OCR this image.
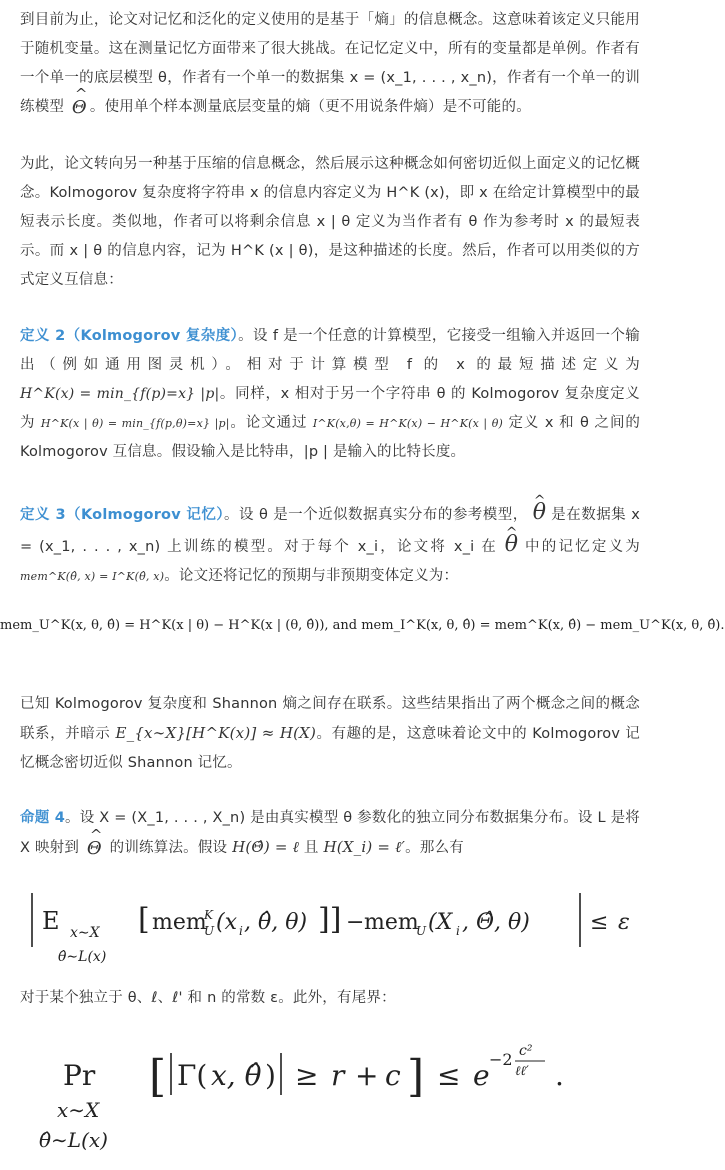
到目前为止，论文对记忆和泛化的定义使用的是基于「熵」的信息概念。这意味着该定义只能用于随机变量。这在测量记忆方面带来了很大挑战。在记忆定义中，所有的变量都是单例。作者有一个单一的底层模型 θ，作者有一个单一的数据集 x = (x_1, . . . , x_n)，作者有一个单一的训练模型 ^ Θ 。使用单个样本测量底层变量的熵（更不用说条件熵）是不可能的。
为此，论文转向另一种基于压缩的信息概念，然后展示这种概念如何密切近似上面定义的记忆概念。Kolmogorov 复杂度将字符串 x 的信息内容定义为 H^K (x)，即 x 在给定计算模型中的最短表示长度。类似地，作者可以将剩余信息 x | θ 定义为当作者有 θ 作为参考时 x 的最短表示。而 x | θ 的信息内容，记为 H^K (x | θ)，是这种描述的长度。然后，作者可以用类似的方式定义互信息：
定义 2（Kolmogorov 复杂度）。设 f 是一个任意的计算模型，它接受一组输入并返回一个输出（例如通用图灵机）。相对于计算模型 f 的 x 的最短描述定义为 H^K(x) = min_{f(p)=x} |p|。同样，x 相对于另一个字符串 θ 的 Kolmogorov 复杂度定义为 H^K(x | θ) = min_{f(p,θ)=x} |p|。论文通过 I^K(x,θ) = H^K(x) − H^K(x | θ) 定义 x 和 θ 之间的 Kolmogorov 互信息。假设输入是比特串，|p | 是输入的比特长度。
定义 3（Kolmogorov 记忆）。设 θ 是一个近似数据真实分布的参考模型， ^ θ 是在数据集 x = (x_1, . . . , x_n) 上训练的模型。对于每个 x_i，论文将 x_i 在 ^ θ 中的记忆定义为 mem^K(θ̂, x) = I^K(θ̂, x)。论文还将记忆的预期与非预期变体定义为：
mem_U^K(x, θ, θ̂) = H^K(x | θ) − H^K(x | (θ, θ̂)), and mem_I^K(x, θ, θ̂) = mem^K(x, θ̂) − mem_U^K(x, θ, θ̂).
已知 Kolmogorov 复杂度和 Shannon 熵之间存在联系。这些结果指出了两个概念之间的概念联系，并暗示 E_{x∼X}[H^K(x)] ≈ H(X)。有趣的是，这意味着论文中的 Kolmogorov 记忆概念密切近似 Shannon 记忆。
命题 4。设 X = (X_1, . . . , X_n) 是由真实模型 θ 参数化的独立同分布数据集分布。设 L 是将 X 映射到 ^ Θ 的训练算法。假设 H(Θ̂) = ℓ 且 H(X_i) = ℓ′。那么有
E x∼X
θ̂∼L(x)
[ mem
K
U (x i , θ̂, θ) ]] − mem
U (X i , Θ̂, θ)	≤ ε
对于某个独立于 θ、ℓ、ℓ' 和 n 的常数 ε。此外，有尾界：
Pr
x∼X
θ̂∼L(x)
[ Γ( x, θ̂ ) ≥ r + c ] ≤ e −2 c²
ℓℓ′ .
